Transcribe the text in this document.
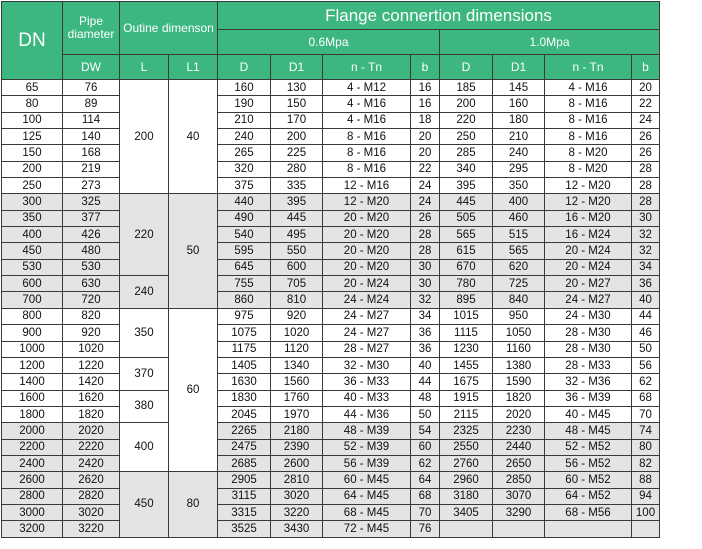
DN	Pipe diameter	Outine dimenson		Flange connertion dimensions							
				0.6Mpa				1.0Mpa			
	DW	L	L1	D	D1	n - Tn	b	D	D1	n - Tn	b
65	76	200	40	160	130	4 - M12	16	185	145	4 - M16	20
80	89			190	150	4 - M16	16	200	160	8 - M16	22
100	114			210	170	4 - M16	18	220	180	8 - M16	24
125	140			240	200	8 - M16	20	250	210	8 - M16	26
150	168			265	225	8 - M16	20	285	240	8 - M20	26
200	219			320	280	8 - M16	22	340	295	8 - M20	28
250	273			375	335	12 - M16	24	395	350	12 - M20	28
300	325	220	50	440	395	12 - M20	24	445	400	12 - M20	28
350	377			490	445	20 - M20	26	505	460	16 - M20	30
400	426			540	495	20 - M20	28	565	515	16 - M24	32
450	480			595	550	20 - M20	28	615	565	20 - M24	32
530	530			645	600	20 - M20	30	670	620	20 - M24	34
600	630	240		755	705	20 - M24	30	780	725	20 - M27	36
700	720			860	810	24 - M24	32	895	840	24 - M27	40
800	820	350	60	975	920	24 - M27	34	1015	950	24 - M30	44
900	920			1075	1020	24 - M27	36	1115	1050	28 - M30	46
1000	1020			1175	1120	28 - M27	36	1230	1160	28 - M30	50
1200	1220	370		1405	1340	32 - M30	40	1455	1380	28 - M33	56
1400	1420			1630	1560	36 - M33	44	1675	1590	32 - M36	62
1600	1620	380		1830	1760	40 - M33	48	1915	1820	36 - M39	68
1800	1820			2045	1970	44 - M36	50	2115	2020	40 - M45	70
2000	2020	400		2265	2180	48 - M39	54	2325	2230	48 - M45	74
2200	2220			2475	2390	52 - M39	60	2550	2440	52 - M52	80
2400	2420			2685	2600	56 - M39	62	2760	2650	56 - M52	82
2600	2620	450	80	2905	2810	60 - M45	64	2960	2850	60 - M52	88
2800	2820			3115	3020	64 - M45	68	3180	3070	64 - M52	94
3000	3020			3315	3220	68 - M45	70	3405	3290	68 - M56	100
3200	3220			3525	3430	72 - M45	76				
